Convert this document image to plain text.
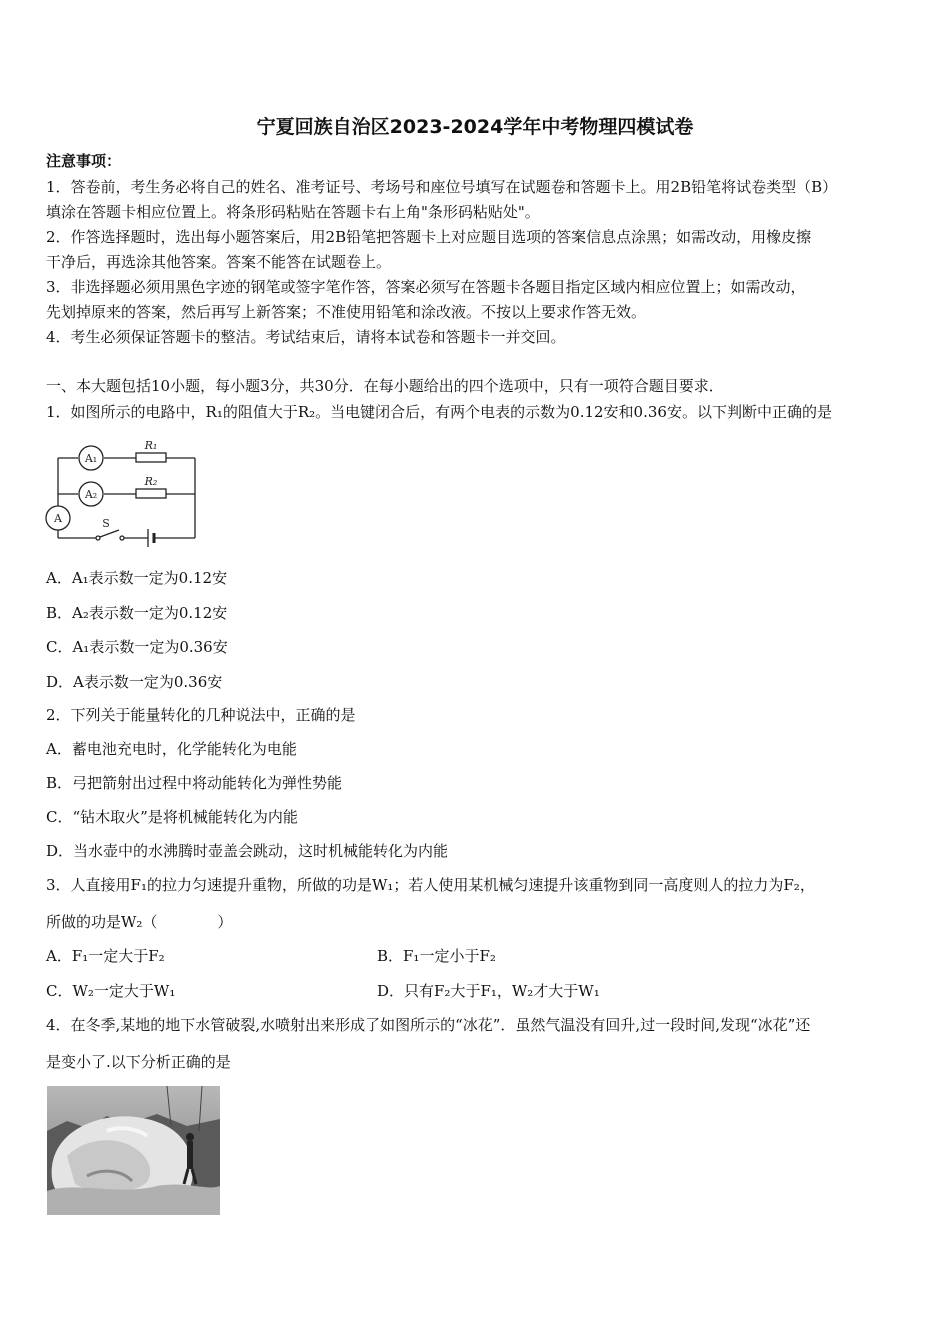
宁夏回族自治区2023-2024学年中考物理四模试卷
注意事项：
1．答卷前，考生务必将自己的姓名、准考证号、考场号和座位号填写在试题卷和答题卡上。用2B铅笔将试卷类型（B）
填涂在答题卡相应位置上。将条形码粘贴在答题卡右上角"条形码粘贴处"。
2．作答选择题时，选出每小题答案后，用2B铅笔把答题卡上对应题目选项的答案信息点涂黑；如需改动，用橡皮擦
干净后，再选涂其他答案。答案不能答在试题卷上。
3．非选择题必须用黑色字迹的钢笔或签字笔作答，答案必须写在答题卡各题目指定区域内相应位置上；如需改动，
先划掉原来的答案，然后再写上新答案；不准使用铅笔和涂改液。不按以上要求作答无效。
4．考生必须保证答题卡的整洁。考试结束后，请将本试卷和答题卡一并交回。
一、本大题包括10小题，每小题3分，共30分．在每小题给出的四个选项中，只有一项符合题目要求．
1．如图所示的电路中，R₁的阻值大于R₂。当电键闭合后，有两个电表的示数为0.12安和0.36安。以下判断中正确的是
A₁
A₂
A
R₁
R₂
S
A．A₁表示数一定为0.12安
B．A₂表示数一定为0.12安
C．A₁表示数一定为0.36安
D．A表示数一定为0.36安
2．下列关于能量转化的几种说法中，正确的是
A．蓄电池充电时，化学能转化为电能
B．弓把箭射出过程中将动能转化为弹性势能
C．“钻木取火”是将机械能转化为内能
D．当水壶中的水沸腾时壶盖会跳动，这时机械能转化为内能
3．人直接用F₁的拉力匀速提升重物，所做的功是W₁；若人使用某机械匀速提升该重物到同一高度则人的拉力为F₂，
所做的功是W₂（　　　　）
A．F₁一定大于F₂	B．F₁一定小于F₂
C．W₂一定大于W₁	D．只有F₂大于F₁，W₂才大于W₁
4．在冬季,某地的地下水管破裂,水喷射出来形成了如图所示的“冰花”．虽然气温没有回升,过一段时间,发现“冰花”还
是变小了.以下分析正确的是
